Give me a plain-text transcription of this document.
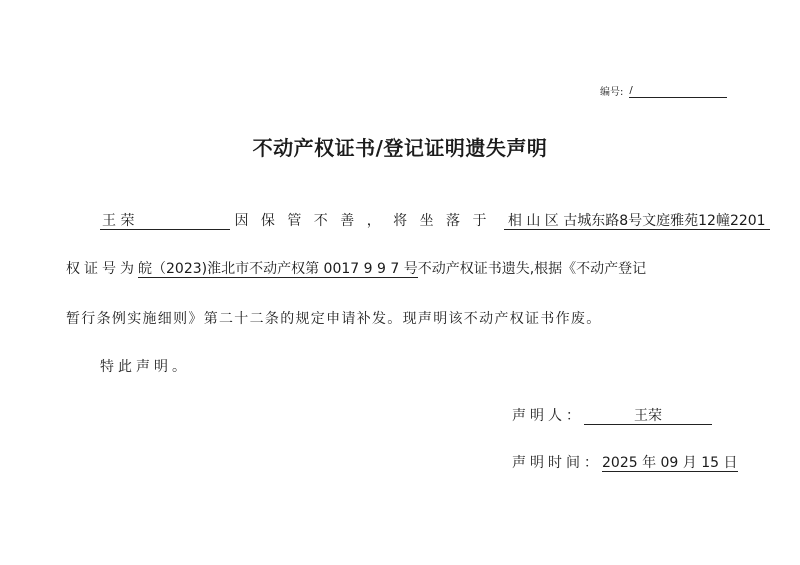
编号: /
不动产权证书/登记证明遗失声明
王 荣	因 保 管 不 善 ， 将 坐 落 于 相 山 区 古城东路8号文庭雅苑12幢2201
权证号为皖（2023)淮北市不动产权第 0017 9 9 7 号不动产权证书遗失,根据《不动产登记
暂行条例实施细则》第二十二条的规定申请补发。现声明该不动产权证书作废。
特此声明。
声明人：	王荣
声明时间：2025 年 09 月 15 日
